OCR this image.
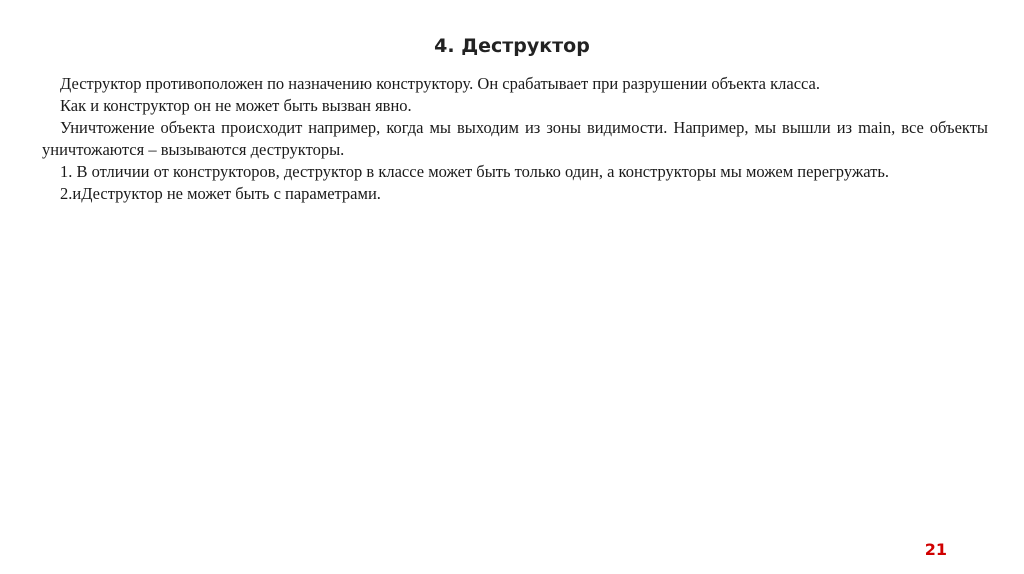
4. Деструктор

Деструктор противоположен по назначению конструктору. Он срабатывает при разрушении объекта класса.

Как и конструктор он не может быть вызван явно.

Уничтожение объекта происходит например, когда мы выходим из зоны видимости. Например, мы вышли из main, все объекты уничтожаются – вызываются деструкторы.

1. В отличии от конструкторов, деструктор в классе может быть только один, а конструкторы мы можем перегружать.

2.иДеструктор не может быть с параметрами.

21
